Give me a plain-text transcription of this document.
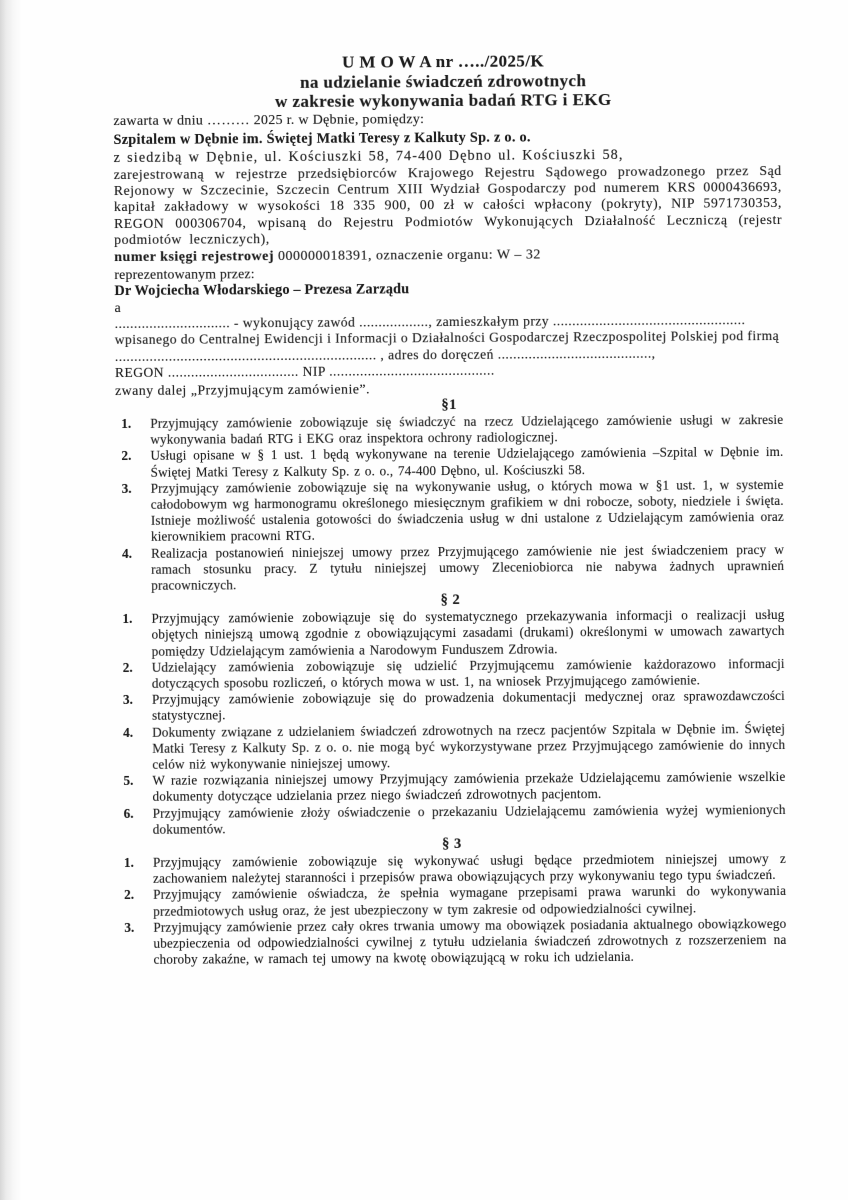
U M O W A nr …../2025/K
na udzielanie świadczeń zdrowotnych
w zakresie wykonywania badań RTG i EKG

zawarta w dniu ……… 2025 r. w Dębnie, pomiędzy:

Szpitalem w Dębnie im. Świętej Matki Teresy z Kalkuty Sp. z o. o.

z siedzibą w Dębnie, ul. Kościuszki 58, 74-400 Dębno ul. Kościuszki 58,

zarejestrowaną w rejestrze przedsiębiorców Krajowego Rejestru Sądowego prowadzonego przez Sąd Rejonowy w Szczecinie, Szczecin Centrum XIII Wydział Gospodarczy pod numerem KRS 0000436693, kapitał zakładowy w wysokości 18 335 900, 00 zł w całości wpłacony (pokryty), NIP 5971730353, REGON 000306704, wpisaną do Rejestru Podmiotów Wykonujących Działalność Leczniczą (rejestr podmiotów leczniczych),

numer księgi rejestrowej 000000018391, oznaczenie organu: W – 32

reprezentowanym przez:

Dr Wojciecha Włodarskiego – Prezesa Zarządu

a

.............................. - wykonujący zawód .................., zamieszkałym przy ..................................................
wpisanego do Centralnej Ewidencji i Informacji o Działalności Gospodarczej Rzeczpospolitej Polskiej pod firmą
.................................................................... , adres do doręczeń ........................................,
REGON .................................. NIP ...........................................

zwany dalej „Przyjmującym zamówienie”.

§1
1.	Przyjmujący zamówienie zobowiązuje się świadczyć na rzecz Udzielającego zamówienie usługi w zakresie wykonywania badań RTG i EKG oraz inspektora ochrony radiologicznej.
2.	Usługi opisane w § 1 ust. 1 będą wykonywane na terenie Udzielającego zamówienia –Szpital w Dębnie im. Świętej Matki Teresy z Kalkuty Sp. z o. o., 74-400 Dębno, ul. Kościuszki 58.
3.	Przyjmujący zamówienie zobowiązuje się na wykonywanie usług, o których mowa w §1 ust. 1, w systemie całodobowym wg harmonogramu określonego miesięcznym grafikiem w dni robocze, soboty, niedziele i święta. Istnieje możliwość ustalenia gotowości do świadczenia usług w dni ustalone z Udzielającym zamówienia oraz kierownikiem pracowni RTG.
4.	Realizacja postanowień niniejszej umowy przez Przyjmującego zamówienie nie jest świadczeniem pracy w ramach stosunku pracy. Z tytułu niniejszej umowy Zleceniobiorca nie nabywa żadnych uprawnień pracowniczych.
§ 2
1.	Przyjmujący zamówienie zobowiązuje się do systematycznego przekazywania informacji o realizacji usług objętych niniejszą umową zgodnie z obowiązującymi zasadami (drukami) określonymi w umowach zawartych pomiędzy Udzielającym zamówienia a Narodowym Funduszem Zdrowia.
2.	Udzielający zamówienia zobowiązuje się udzielić Przyjmującemu zamówienie każdorazowo informacji dotyczących sposobu rozliczeń, o których mowa w ust. 1, na wniosek Przyjmującego zamówienie.
3.	Przyjmujący zamówienie zobowiązuje się do prowadzenia dokumentacji medycznej oraz sprawozdawczości statystycznej.
4.	Dokumenty związane z udzielaniem świadczeń zdrowotnych na rzecz pacjentów Szpitala w Dębnie im. Świętej Matki Teresy z Kalkuty Sp. z o. o. nie mogą być wykorzystywane przez Przyjmującego zamówienie do innych celów niż wykonywanie niniejszej umowy.
5.	W razie rozwiązania niniejszej umowy Przyjmujący zamówienia przekaże Udzielającemu zamówienie wszelkie dokumenty dotyczące udzielania przez niego świadczeń zdrowotnych pacjentom.
6.	Przyjmujący zamówienie złoży oświadczenie o przekazaniu Udzielającemu zamówienia wyżej wymienionych dokumentów.
§ 3
1.	Przyjmujący zamówienie zobowiązuje się wykonywać usługi będące przedmiotem niniejszej umowy z zachowaniem należytej staranności i przepisów prawa obowiązujących przy wykonywaniu tego typu świadczeń.
2.	Przyjmujący zamówienie oświadcza, że spełnia wymagane przepisami prawa warunki do wykonywania przedmiotowych usług oraz, że jest ubezpieczony w tym zakresie od odpowiedzialności cywilnej.
3.	Przyjmujący zamówienie przez cały okres trwania umowy ma obowiązek posiadania aktualnego obowiązkowego ubezpieczenia od odpowiedzialności cywilnej z tytułu udzielania świadczeń zdrowotnych z rozszerzeniem na choroby zakaźne, w ramach tej umowy na kwotę obowiązującą w roku ich udzielania.
